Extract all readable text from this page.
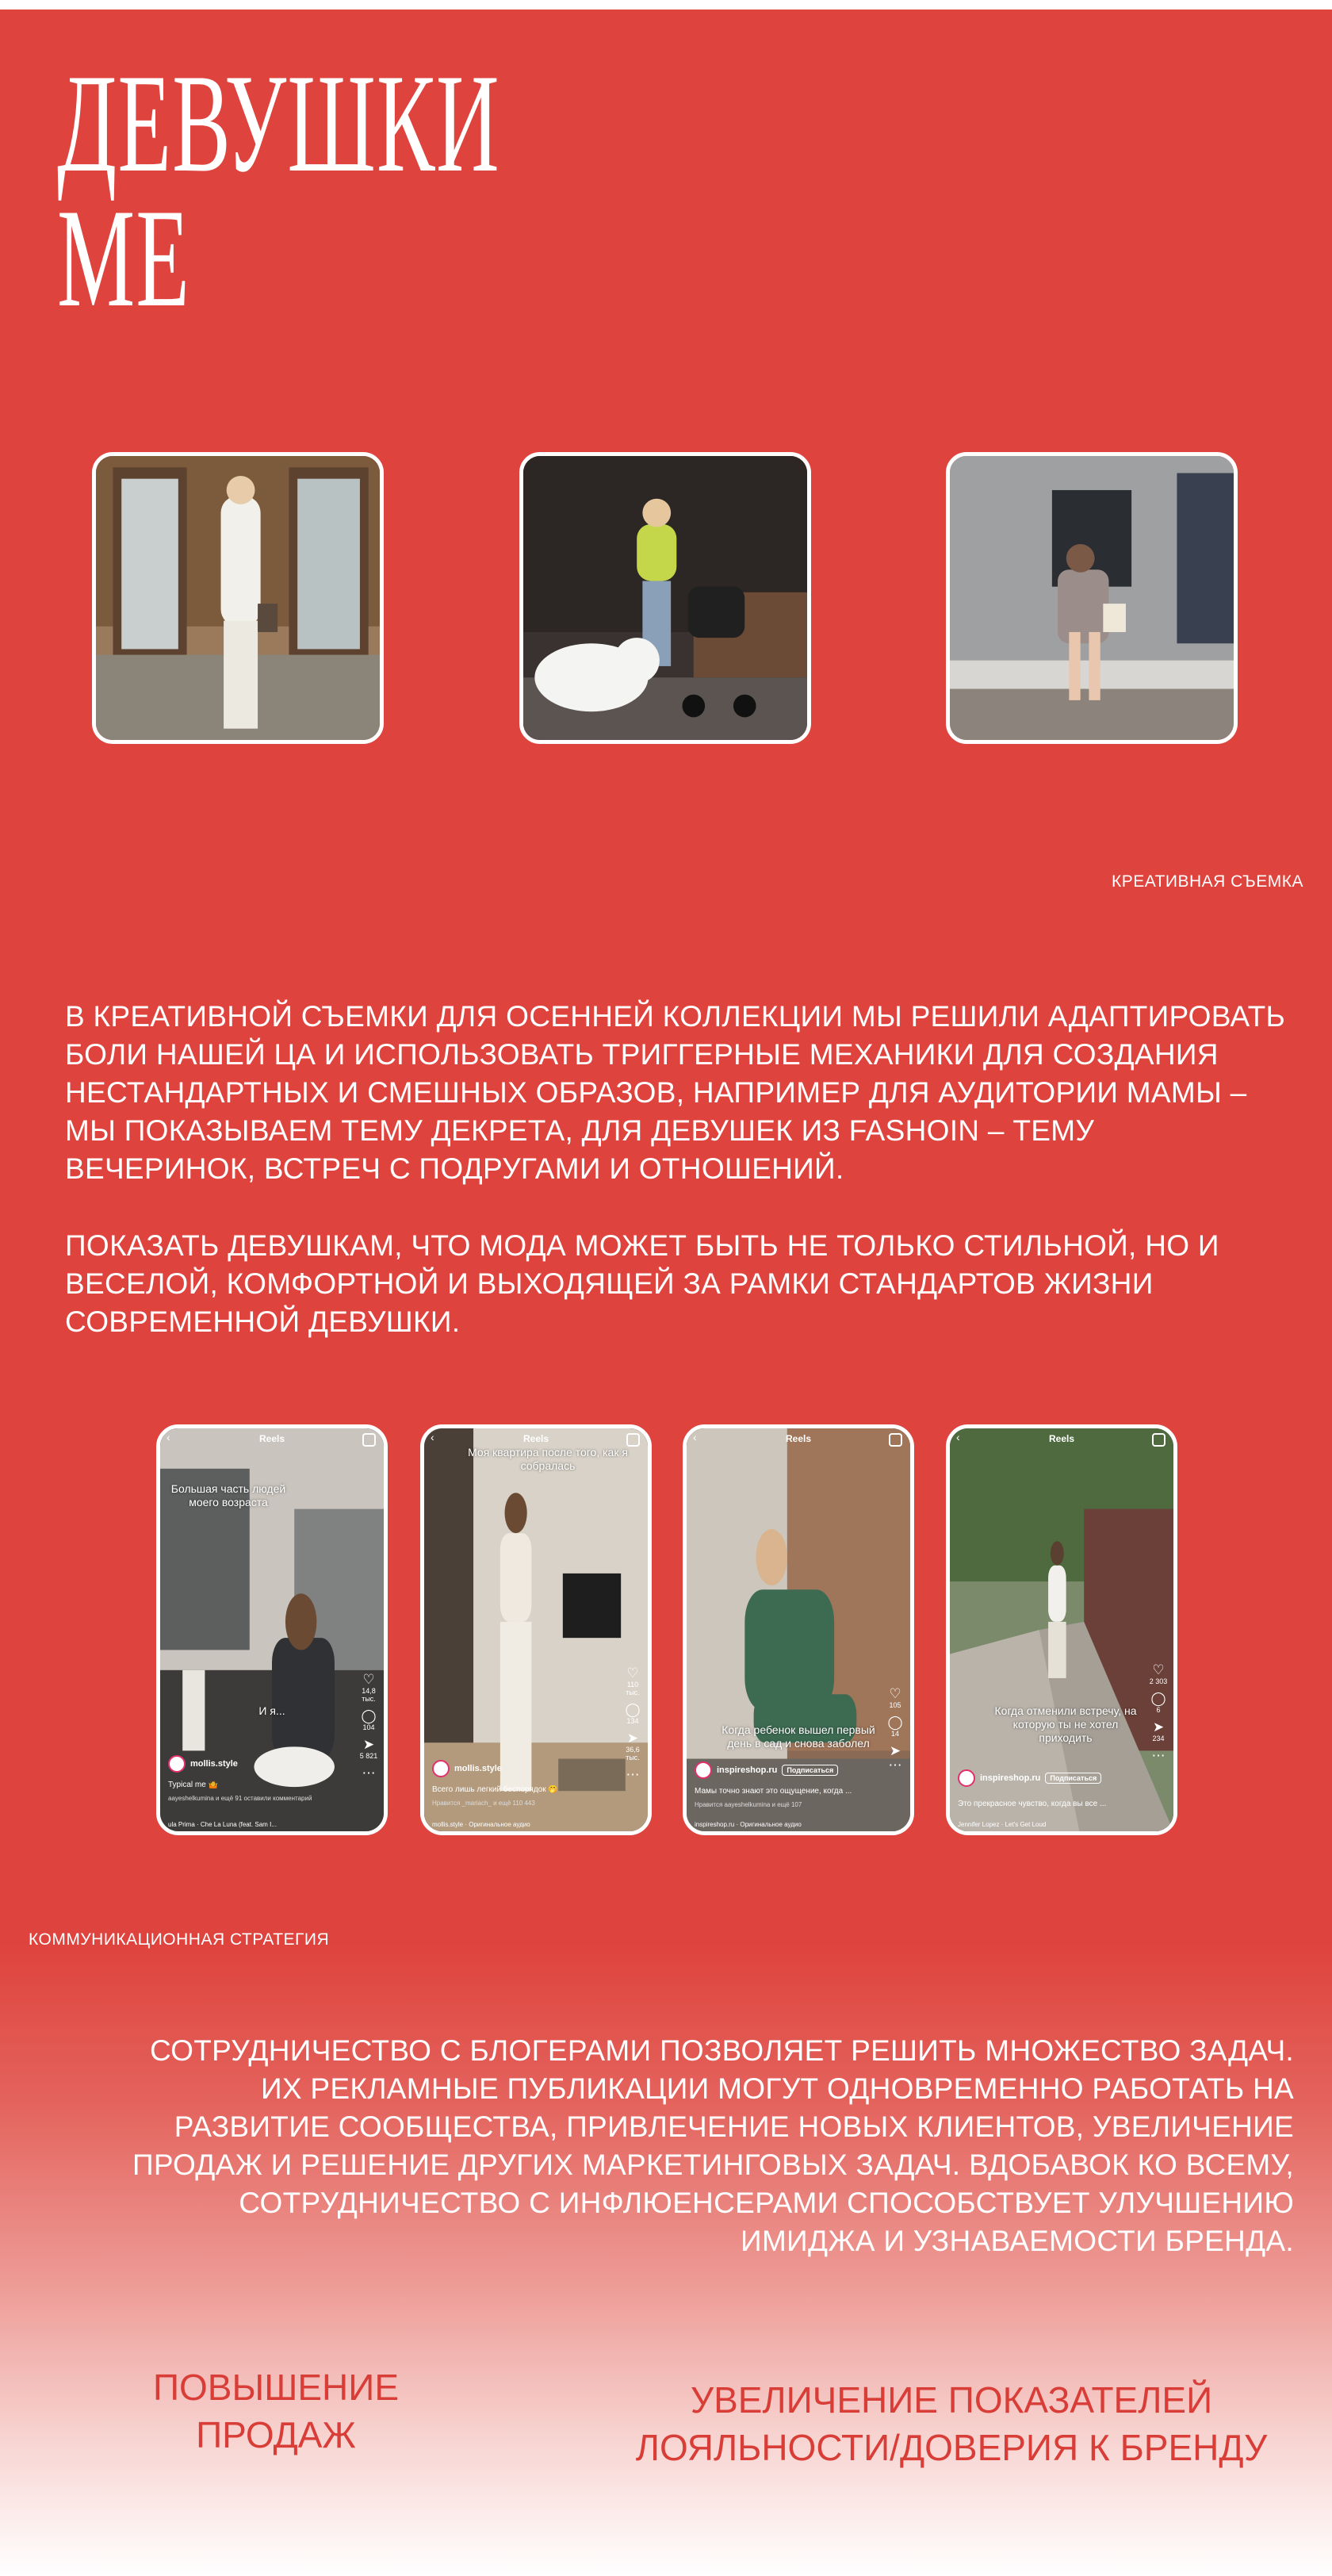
ДЕВУШКИ
МЕ
КРЕАТИВНАЯ СЪЕМКА

В КРЕАТИВНОЙ СЪЕМКИ ДЛЯ ОСЕННЕЙ КОЛЛЕКЦИИ МЫ РЕШИЛИ АДАПТИРОВАТЬ БОЛИ НАШЕЙ ЦА И ИСПОЛЬЗОВАТЬ ТРИГГЕРНЫЕ МЕХАНИКИ ДЛЯ СОЗДАНИЯ НЕСТАНДАРТНЫХ И СМЕШНЫХ ОБРАЗОВ, НАПРИМЕР ДЛЯ АУДИТОРИИ МАМЫ – МЫ ПОКАЗЫВАЕМ ТЕМУ ДЕКРЕТА, ДЛЯ ДЕВУШЕК ИЗ FASHOIN – ТЕМУ ВЕЧЕРИНОК, ВСТРЕЧ С ПОДРУГАМИ И ОТНОШЕНИЙ.

ПОКАЗАТЬ ДЕВУШКАМ, ЧТО МОДА МОЖЕТ БЫТЬ НЕ ТОЛЬКО СТИЛЬНОЙ, НО И ВЕСЕЛОЙ, КОМФОРТНОЙ И ВЫХОДЯЩЕЙ ЗА РАМКИ СТАНДАРТОВ ЖИЗНИ СОВРЕМЕННОЙ ДЕВУШКИ.

‹	Reels
Большая часть людей моего возраста
И я...
♡
14,8 тыс.
◯
104
➤
5 821
⋯
mollis.style
Typical me 🤷
aayeshelkumina и ещё 91 оставили комментарий
ula Prima · Che La Luna (feat. Sam I...
‹	Reels
Моя квартира после того, как я собралась
♡
110 тыс.
◯
134
➤
36,6 тыс.
⋯
mollis.style
Всего лишь легкий беспорядок 🤭
Нравится _mariach_ и ещё 110 443
mollis.style · Оригинальное аудио
‹	Reels
Когда ребенок вышел первый день в сад и снова заболел
♡
105
◯
14
➤
⋯
inspireshop.ru	Подписаться
Мамы точно знают это ощущение, когда ...
Нравится aayeshelkumina и ещё 107
inspireshop.ru · Оригинальное аудио
‹	Reels
Когда отменили встречу, на которую ты не хотел приходить
♡
2 303
◯
6
➤
234
⋯
inspireshop.ru	Подписаться
Это прекрасное чувство, когда вы все ...
Jennifer Lopez · Let's Get Loud
КОММУНИКАЦИОННАЯ СТРАТЕГИЯ

СОТРУДНИЧЕСТВО С БЛОГЕРАМИ ПОЗВОЛЯЕТ РЕШИТЬ МНОЖЕСТВО ЗАДАЧ. ИХ РЕКЛАМНЫЕ ПУБЛИКАЦИИ МОГУТ ОДНОВРЕМЕННО РАБОТАТЬ НА РАЗВИТИЕ СООБЩЕСТВА, ПРИВЛЕЧЕНИЕ НОВЫХ КЛИЕНТОВ, УВЕЛИЧЕНИЕ ПРОДАЖ И РЕШЕНИЕ ДРУГИХ МАРКЕТИНГОВЫХ ЗАДАЧ. ВДОБАВОК КО ВСЕМУ, СОТРУДНИЧЕСТВО С ИНФЛЮЕНСЕРАМИ СПОСОБСТВУЕТ УЛУЧШЕНИЮ ИМИДЖА И УЗНАВАЕМОСТИ БРЕНДА.

ПОВЫШЕНИЕ ПРОДАЖ

УВЕЛИЧЕНИЕ ПОКАЗАТЕЛЕЙ ЛОЯЛЬНОСТИ/ДОВЕРИЯ К БРЕНДУ
